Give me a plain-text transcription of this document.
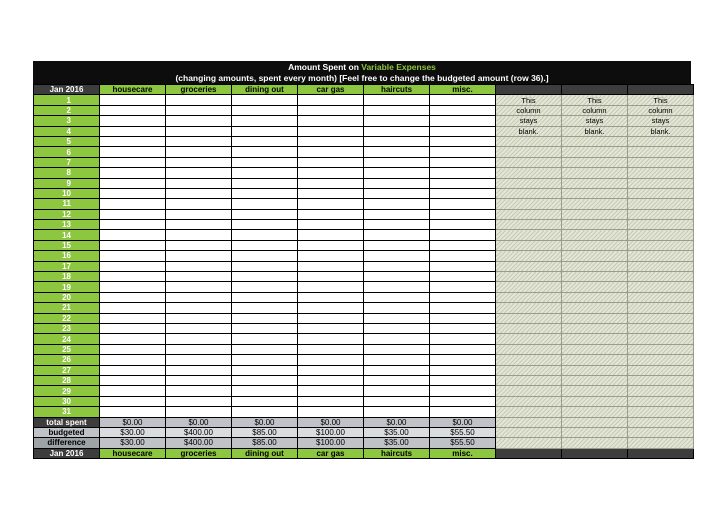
Amount Spent on Variable Expenses
(changing amounts, spent every month) [Feel free to change the budgeted amount (row 36).]
Jan 2016	housecare	groceries	dining out	car gas	haircuts	misc.			
1							This	This	This
2							column	column	column
3							stays	stays	stays
4							blank.	blank.	blank.
5									
6									
7									
8									
9									
10									
11									
12									
13									
14									
15									
16									
17									
18									
19									
20									
21									
22									
23									
24									
25									
26									
27									
28									
29									
30									
31									
total spent	$0.00	$0.00	$0.00	$0.00	$0.00	$0.00			
budgeted	$30.00	$400.00	$85.00	$100.00	$35.00	$55.50			
difference	$30.00	$400.00	$85.00	$100.00	$35.00	$55.50			
Jan 2016	housecare	groceries	dining out	car gas	haircuts	misc.			
